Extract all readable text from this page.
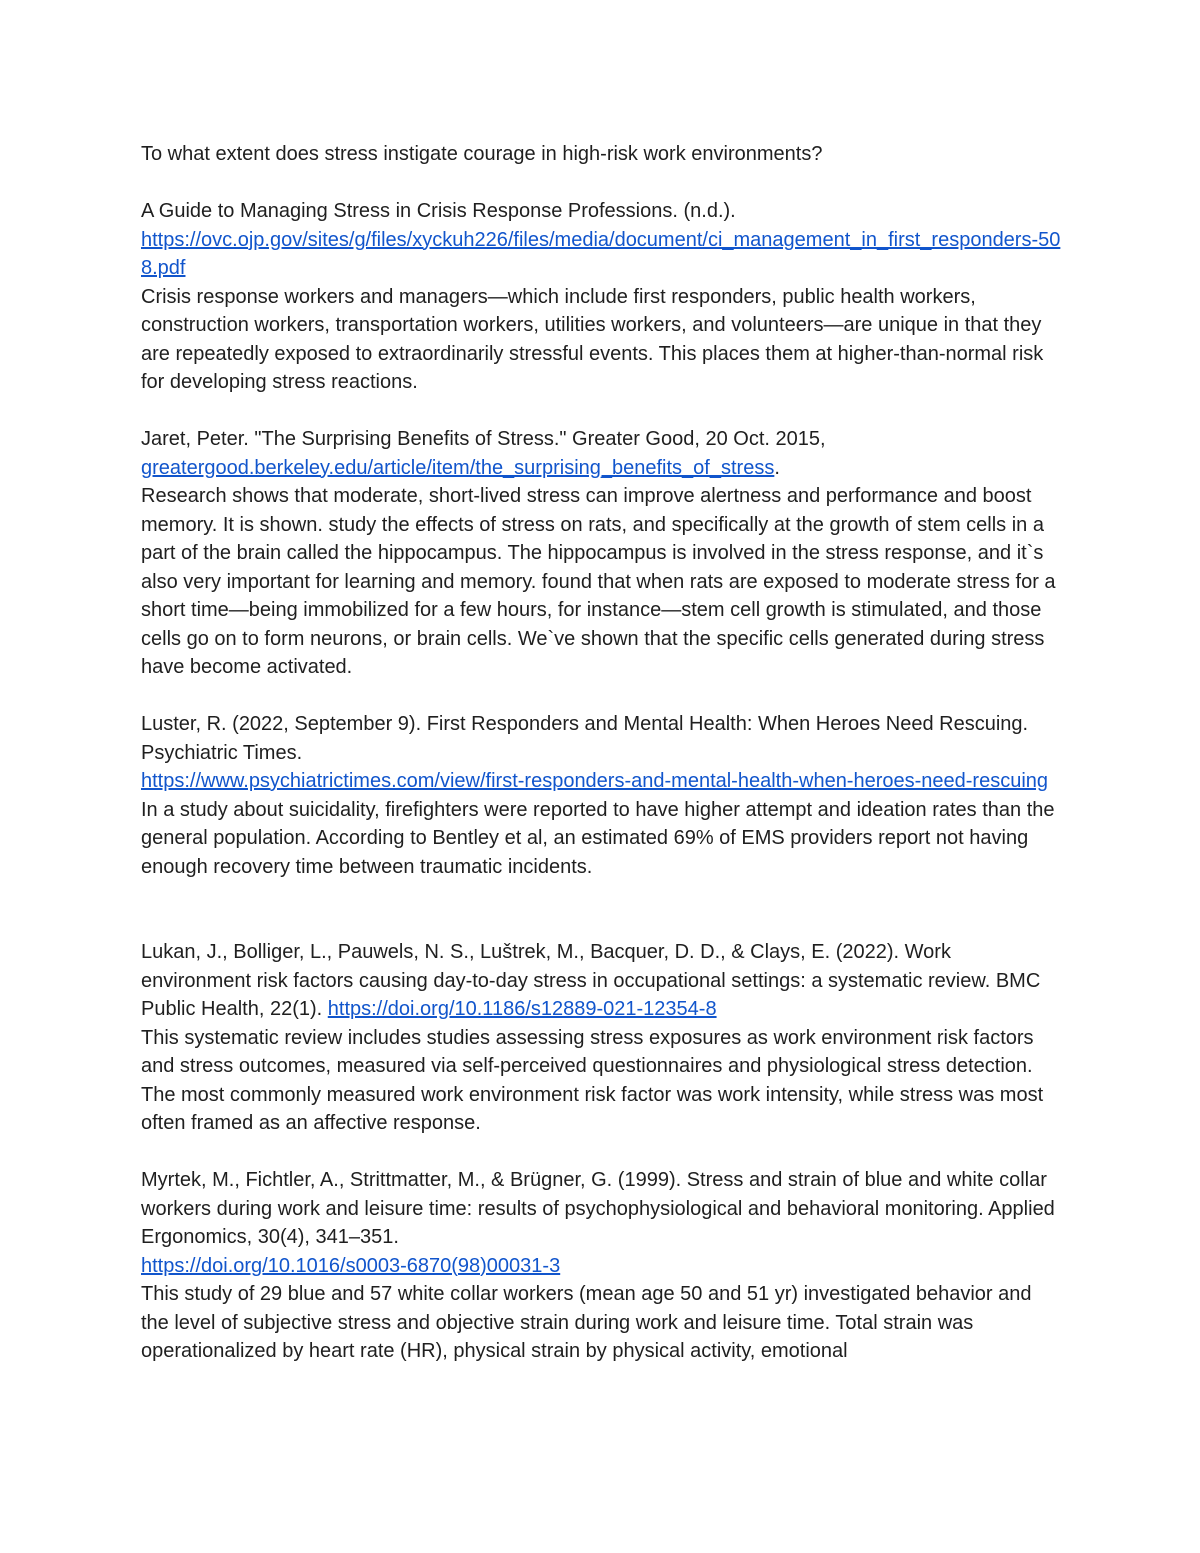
To what extent does stress instigate courage in high-risk work environments?

A Guide to Managing Stress in Crisis Response Professions. (n.d.).

https://ovc.ojp.gov/sites/g/files/xyckuh226/files/media/document/ci_management_in_first_responders-508.pdf

Crisis response workers and managers—which include first responders, public health workers, construction workers, transportation workers, utilities workers, and volunteers—are unique in that they are repeatedly exposed to extraordinarily stressful events. This places them at higher-than-normal risk for developing stress reactions.

Jaret, Peter. "The Surprising Benefits of Stress." Greater Good, 20 Oct. 2015,

greatergood.berkeley.edu/article/item/the_surprising_benefits_of_stress.

Research shows that moderate, short-lived stress can improve alertness and performance and boost memory. It is shown. study the effects of stress on rats, and specifically at the growth of stem cells in a part of the brain called the hippocampus. The hippocampus is involved in the stress response, and it`s also very important for learning and memory. found that when rats are exposed to moderate stress for a short time—being immobilized for a few hours, for instance—stem cell growth is stimulated, and those cells go on to form neurons, or brain cells. We`ve shown that the specific cells generated during stress have become activated.

Luster, R. (2022, September 9). First Responders and Mental Health: When Heroes Need Rescuing. Psychiatric Times.

https://www.psychiatrictimes.com/view/first-responders-and-mental-health-when-heroes-need-rescuing

In a study about suicidality, firefighters were reported to have higher attempt and ideation rates than the general population. According to Bentley et al, an estimated 69% of EMS providers report not having enough recovery time between traumatic incidents.

Lukan, J., Bolliger, L., Pauwels, N. S., Luštrek, M., Bacquer, D. D., & Clays, E. (2022). Work environment risk factors causing day-to-day stress in occupational settings: a systematic review. BMC Public Health, 22(1). https://doi.org/10.1186/s12889-021-12354-8

This systematic review includes studies assessing stress exposures as work environment risk factors and stress outcomes, measured via self-perceived questionnaires and physiological stress detection. The most commonly measured work environment risk factor was work intensity, while stress was most often framed as an affective response.

Myrtek, M., Fichtler, A., Strittmatter, M., & Brügner, G. (1999). Stress and strain of blue and white collar workers during work and leisure time: results of psychophysiological and behavioral monitoring. Applied Ergonomics, 30(4), 341–351.

https://doi.org/10.1016/s0003-6870(98)00031-3

This study of 29 blue and 57 white collar workers (mean age 50 and 51 yr) investigated behavior and the level of subjective stress and objective strain during work and leisure time. Total strain was operationalized by heart rate (HR), physical strain by physical activity, emotional
